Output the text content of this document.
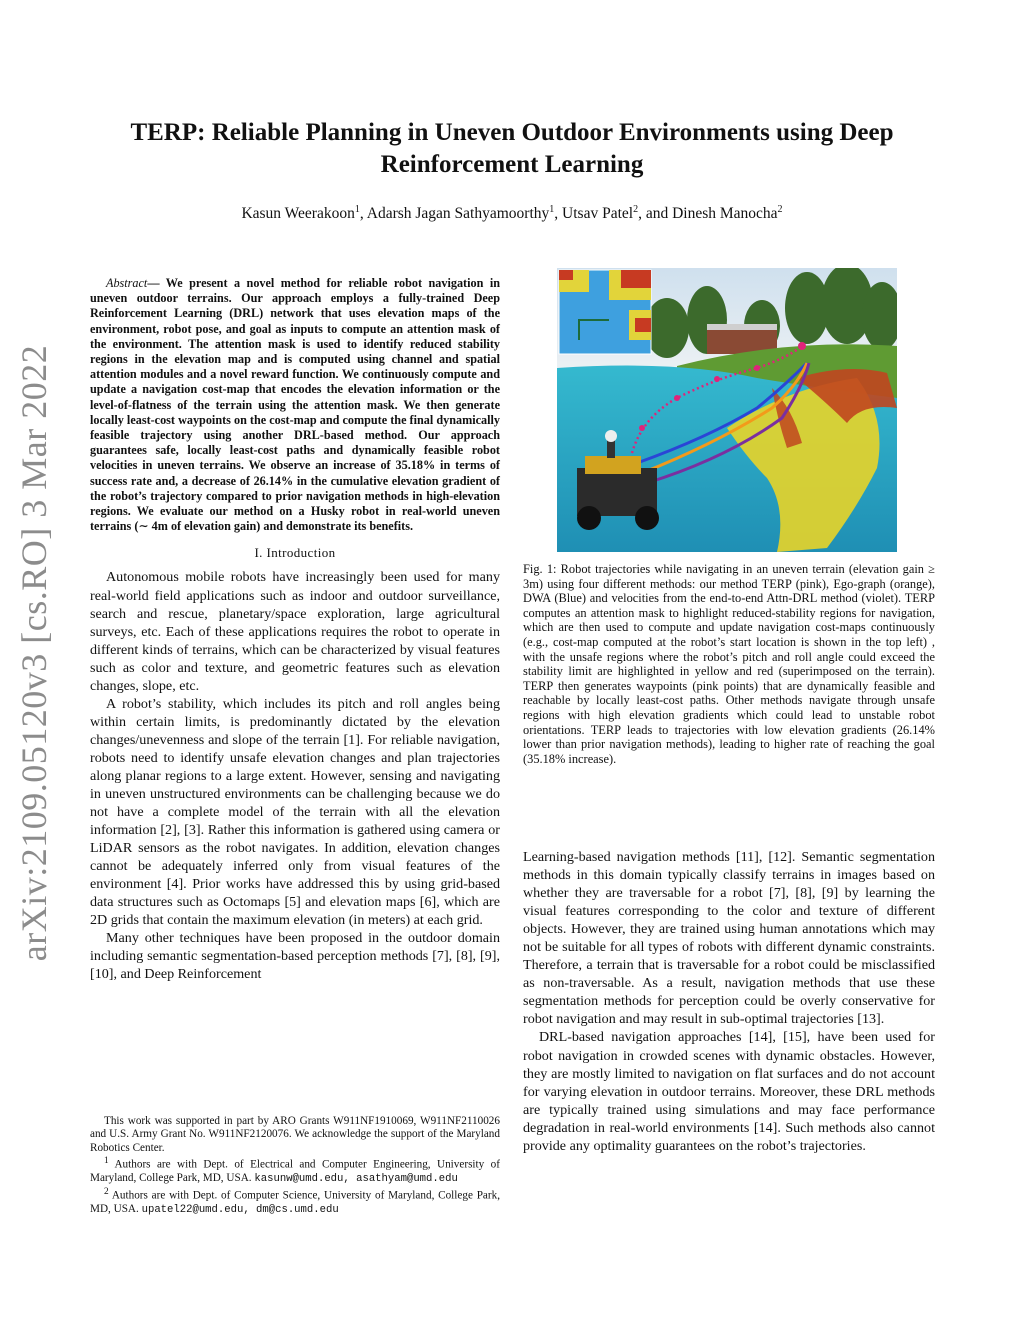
arXiv:2109.05120v3 [cs.RO] 3 Mar 2022
TERP: Reliable Planning in Uneven Outdoor Environments using Deep Reinforcement Learning
Kasun Weerakoon$^1$, Adarsh Jagan Sathyamoorthy$^1$, Utsav Patel$^2$, and Dinesh Manocha$^2$

Abstract— We present a novel method for reliable robot navigation in uneven outdoor terrains. Our approach employs a fully-trained Deep Reinforcement Learning (DRL) network that uses elevation maps of the environment, robot pose, and goal as inputs to compute an attention mask of the environment. The attention mask is used to identify reduced stability regions in the elevation map and is computed using channel and spatial attention modules and a novel reward function. We continuously compute and update a navigation cost-map that encodes the elevation information or the level-of-flatness of the terrain using the attention mask. We then generate locally least-cost waypoints on the cost-map and compute the final dynamically feasible trajectory using another DRL-based method. Our approach guarantees safe, locally least-cost paths and dynamically feasible robot velocities in uneven terrains. We observe an increase of 35.18% in terms of success rate and, a decrease of 26.14% in the cumulative elevation gradient of the robot’s trajectory compared to prior navigation methods in high-elevation regions. We evaluate our method on a Husky robot in real-world uneven terrains (∼ 4m of elevation gain) and demonstrate its benefits.

I. Introduction

Autonomous mobile robots have increasingly been used for many real-world field applications such as indoor and outdoor surveillance, search and rescue, planetary/space exploration, large agricultural surveys, etc. Each of these applications requires the robot to operate in different kinds of terrains, which can be characterized by visual features such as color and texture, and geometric features such as elevation changes, slope, etc.

A robot’s stability, which includes its pitch and roll angles being within certain limits, is predominantly dictated by the elevation changes/unevenness and slope of the terrain [1]. For reliable navigation, robots need to identify unsafe elevation changes and plan trajectories along planar regions to a large extent. However, sensing and navigating in uneven unstructured environments can be challenging because we do not have a complete model of the terrain with all the elevation information [2], [3]. Rather this information is gathered using camera or LiDAR sensors as the robot navigates. In addition, elevation changes cannot be adequately inferred only from visual features of the environment [4]. Prior works have addressed this by using grid-based data structures such as Octomaps [5] and elevation maps [6], which are 2D grids that contain the maximum elevation (in meters) at each grid.

Many other techniques have been proposed in the outdoor domain including semantic segmentation-based perception methods [7], [8], [9], [10], and Deep Reinforcement

This work was supported in part by ARO Grants W911NF1910069, W911NF2110026 and U.S. Army Grant No. W911NF2120076. We acknowledge the support of the Maryland Robotics Center.

$^1$ Authors are with Dept. of Electrical and Computer Engineering, University of Maryland, College Park, MD, USA. kasunw@umd.edu, asathyam@umd.edu

$^2$ Authors are with Dept. of Computer Science, University of Maryland, College Park, MD, USA. upatel22@umd.edu, dm@cs.umd.edu

Fig. 1: Robot trajectories while navigating in an uneven terrain (elevation gain ≥ 3m) using four different methods: our method TERP (pink), Ego-graph (orange), DWA (Blue) and velocities from the end-to-end Attn-DRL method (violet). TERP computes an attention mask to highlight reduced-stability regions for navigation, which are then used to compute and update navigation cost-maps continuously (e.g., cost-map computed at the robot’s start location is shown in the top left) , with the unsafe regions where the robot’s pitch and roll angle could exceed the stability limit are highlighted in yellow and red (superimposed on the terrain). TERP then generates waypoints (pink points) that are dynamically feasible and reachable by locally least-cost paths. Other methods navigate through unsafe regions with high elevation gradients which could lead to unstable robot orientations. TERP leads to trajectories with low elevation gradients (26.14% lower than prior navigation methods), leading to higher rate of reaching the goal (35.18% increase).

Learning-based navigation methods [11], [12]. Semantic segmentation methods in this domain typically classify terrains in images based on whether they are traversable for a robot [7], [8], [9] by learning the visual features corresponding to the color and texture of different objects. However, they are trained using human annotations which may not be suitable for all types of robots with different dynamic constraints. Therefore, a terrain that is traversable for a robot could be misclassified as non-traversable. As a result, navigation methods that use these segmentation methods for perception could be overly conservative for robot navigation and may result in sub-optimal trajectories [13].

DRL-based navigation approaches [14], [15], have been used for robot navigation in crowded scenes with dynamic obstacles. However, they are mostly limited to navigation on flat surfaces and do not account for varying elevation in outdoor terrains. Moreover, these DRL methods are typically trained using simulations and may face performance degradation in real-world environments [14]. Such methods also cannot provide any optimality guarantees on the robot’s trajectories.
